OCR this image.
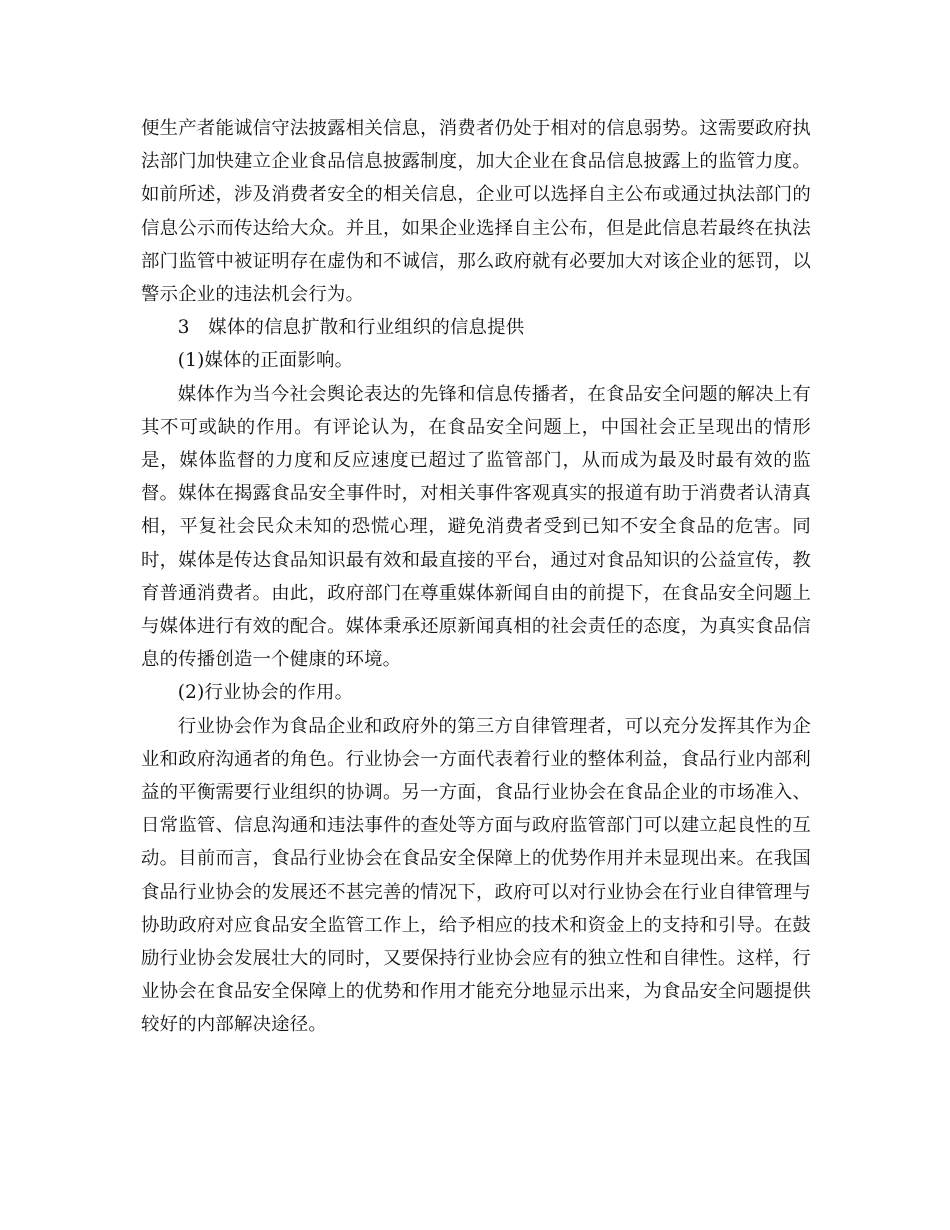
便生产者能诚信守法披露相关信息，消费者仍处于相对的信息弱势。这需要政府执法部门加快建立企业食品信息披露制度，加大企业在食品信息披露上的监管力度。如前所述，涉及消费者安全的相关信息，企业可以选择自主公布或通过执法部门的信息公示而传达给大众。并且，如果企业选择自主公布，但是此信息若最终在执法部门监管中被证明存在虚伪和不诚信，那么政府就有必要加大对该企业的惩罚，以警示企业的违法机会行为。

3　媒体的信息扩散和行业组织的信息提供

(1)媒体的正面影响。

媒体作为当今社会舆论表达的先锋和信息传播者，在食品安全问题的解决上有其不可或缺的作用。有评论认为，在食品安全问题上，中国社会正呈现出的情形是，媒体监督的力度和反应速度已超过了监管部门，从而成为最及时最有效的监督。媒体在揭露食品安全事件时，对相关事件客观真实的报道有助于消费者认清真相，平复社会民众未知的恐慌心理，避免消费者受到已知不安全食品的危害。同时，媒体是传达食品知识最有效和最直接的平台，通过对食品知识的公益宣传，教育普通消费者。由此，政府部门在尊重媒体新闻自由的前提下，在食品安全问题上与媒体进行有效的配合。媒体秉承还原新闻真相的社会责任的态度，为真实食品信息的传播创造一个健康的环境。

(2)行业协会的作用。

行业协会作为食品企业和政府外的第三方自律管理者，可以充分发挥其作为企业和政府沟通者的角色。行业协会一方面代表着行业的整体利益，食品行业内部利益的平衡需要行业组织的协调。另一方面，食品行业协会在食品企业的市场准入、日常监管、信息沟通和违法事件的查处等方面与政府监管部门可以建立起良性的互动。目前而言，食品行业协会在食品安全保障上的优势作用并未显现出来。在我国食品行业协会的发展还不甚完善的情况下，政府可以对行业协会在行业自律管理与协助政府对应食品安全监管工作上，给予相应的技术和资金上的支持和引导。在鼓励行业协会发展壮大的同时，又要保持行业协会应有的独立性和自律性。这样，行业协会在食品安全保障上的优势和作用才能充分地显示出来，为食品安全问题提供较好的内部解决途径。
